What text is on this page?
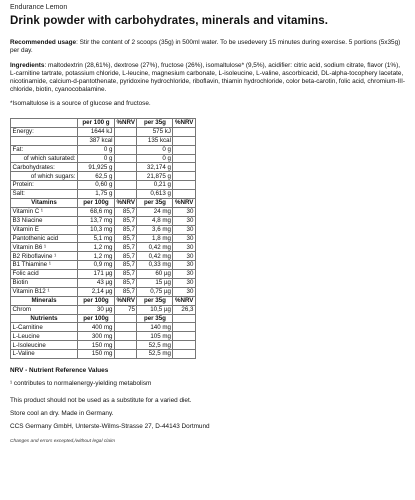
Endurance Lemon
Drink powder with carbohydrates, minerals and vitamins.

Recommended usage: Stir the content of 2 scoops (35g) in 500ml water. To be usedevery 15 minutes during exercise. 5 portions (5x35g) per day.

Ingredients: maltodextrin (28,61%), dextrose (27%), fructose (26%), isomaltulose* (9,5%), acidifier: citric acid, sodium citrate, flavor (1%), L-carnitine tartrate, potassium chloride, L-leucine, magnesium carbonate, L-isoleucine, L-valine, ascorbicacid, DL-alpha-tocophery lacetate, nicotinamide, calcium-d-pantothenate, pyridoxine hydrochloride, riboflavin, thiamin hydrochloride, color beta-carotin, folic acid, chromium-III-chloride, biotin, cyanocobalamine.

*Isomaltulose is a source of glucose and fructose.

	per 100 g	%NRV	per 35g	%NRV
Energy:	1644 kJ		575 kJ	
	387 kcal		135 kcal	
Fat:	0 g		0 g	
of which saturated:	0 g		0 g	
Carbohydrates:	91,925 g		32,174 g	
of which sugars:	62,5 g		21,875 g	
Protein:	0,60 g		0,21 g	
Salt:	1,75 g		0,613 g	
Vitamins	per 100g	%NRV	per 35g	%NRV
Vitamin C ¹	68,6 mg	85,7	24 mg	30
B3 Niacine	13,7 mg	85,7	4,8 mg	30
Vitamin E	10,3 mg	85,7	3,6 mg	30
Pantothenic acid	5,1 mg	85,7	1,8 mg	30
Vitamin B6 ¹	1,2 mg	85,7	0,42 mg	30
B2 Riboflavine ¹	1,2 mg	85,7	0,42 mg	30
B1 Thiamine ¹	0,9 mg	85,7	0,33 mg	30
Folic acid	171 µg	85,7	60 µg	30
Biotin	43 µg	85,7	15 µg	30
Vitamin B12 ¹	2,14 µg	85,7	0,75 µg	30
Minerals	per 100g	%NRV	per 35g	%NRV
Chrom	30 µg	75	10,5 µg	26,3
Nutrients	per 100g		per 35g	
L-Carnitine	400 mg		140 mg	
L-Leucine	300 mg		105 mg	
L-Isoleucine	150 mg		52,5 mg	
L-Valine	150 mg		52,5 mg	
NRV - Nutrient Reference Values
¹ contributes to normalenergy-yielding metabolism
This product should not be used as a substitute for a varied diet.
Store cool an dry. Made in Germany.
CCS Germany GmbH, Unterste-Wilms-Strasse 27, D-44143 Dortmund
Changes and errors excepted,/without legal claim
